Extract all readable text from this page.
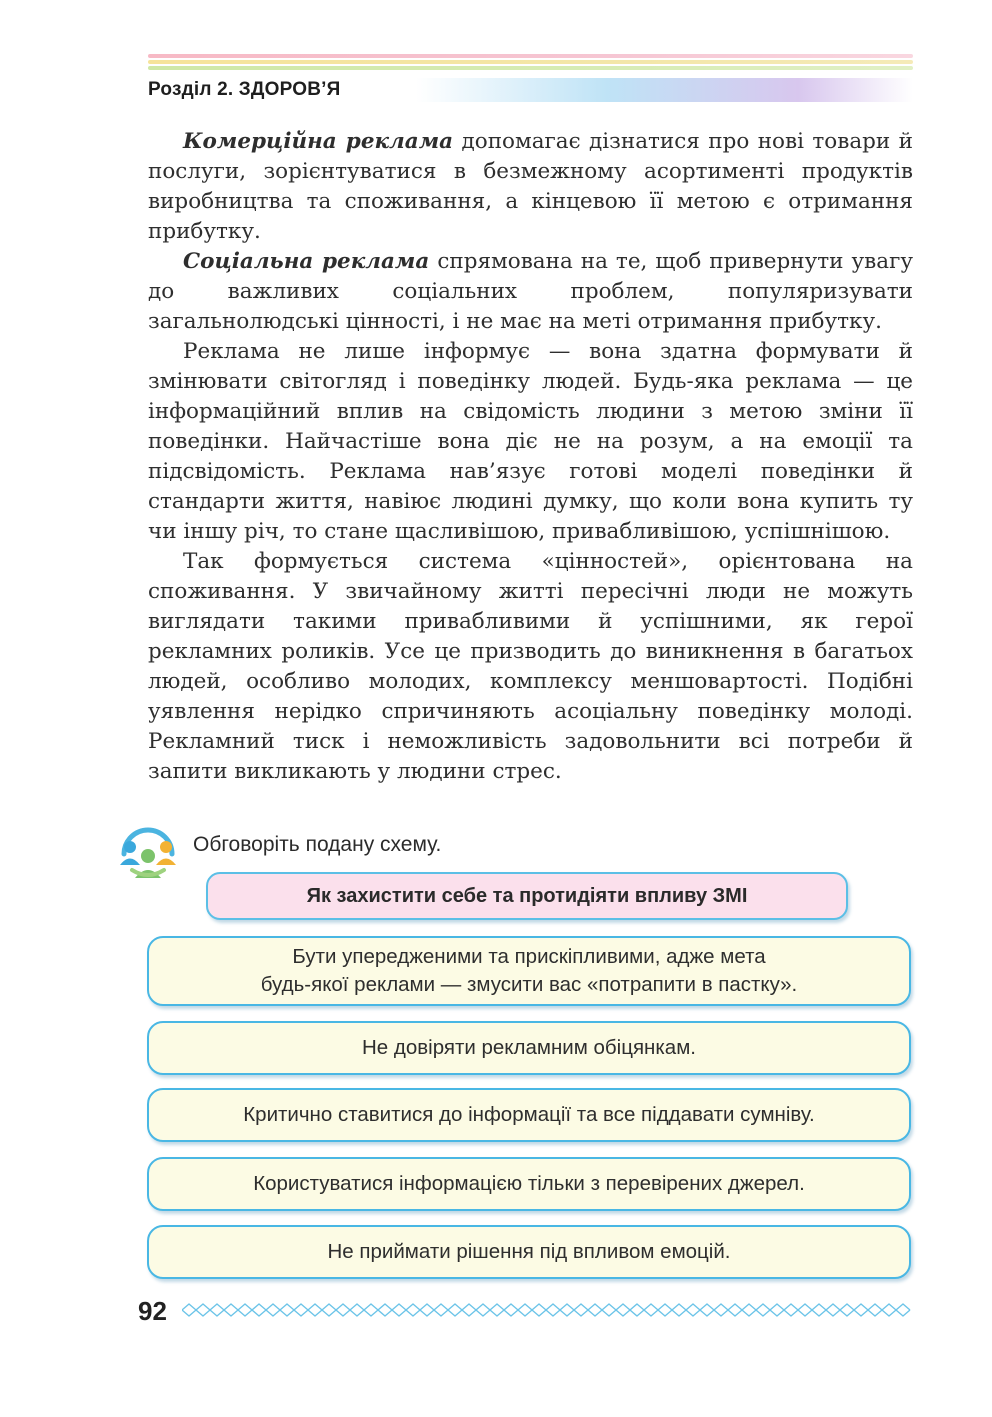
Розділ 2. ЗДОРОВ’Я

Комерційна реклама допомагає дізнатися про нові товари й послуги, зорієнтуватися в безмежному асортименті продуктів виробництва та споживання, а кінцевою її метою є отримання прибутку.

Соціальна реклама спрямована на те, щоб привернути увагу до важливих соціальних проблем, популяризувати загальнолюдські цінності, і не має на меті отримання прибутку.

Реклама не лише інформує — вона здатна формувати й змінювати світогляд і поведінку людей. Будь-яка реклама — це інформаційний вплив на свідомість людини з метою зміни її поведінки. Найчастіше вона діє не на розум, а на емоції та підсвідомість. Реклама нав’язує готові моделі поведінки й стандарти життя, навіює людині думку, що коли вона купить ту чи іншу річ, то стане щасливішою, привабливішою, успішнішою.

Так формується система «цінностей», орієнтована на споживання. У звичайному житті пересічні люди не можуть виглядати такими привабливими й успішними, як герої рекламних роликів. Усе це призводить до виникнення в багатьох людей, особливо молодих, комплексу меншовартості. Подібні уявлення нерідко спричиняють асоціальну поведінку молоді. Рекламний тиск і неможливість задовольнити всі потреби й запити викликають у людини стрес.

Обговоріть подану схему.
Як захистити себе та протидіяти впливу ЗМІ
Бути упередженими та прискіпливими, адже мета
будь-якої реклами — змусити вас «потрапити в пастку».
Не довіряти рекламним обіцянкам.
Критично ставитися до інформації та все піддавати сумніву.
Користуватися інформацією тільки з перевірених джерел.
Не приймати рішення під впливом емоцій.
92
